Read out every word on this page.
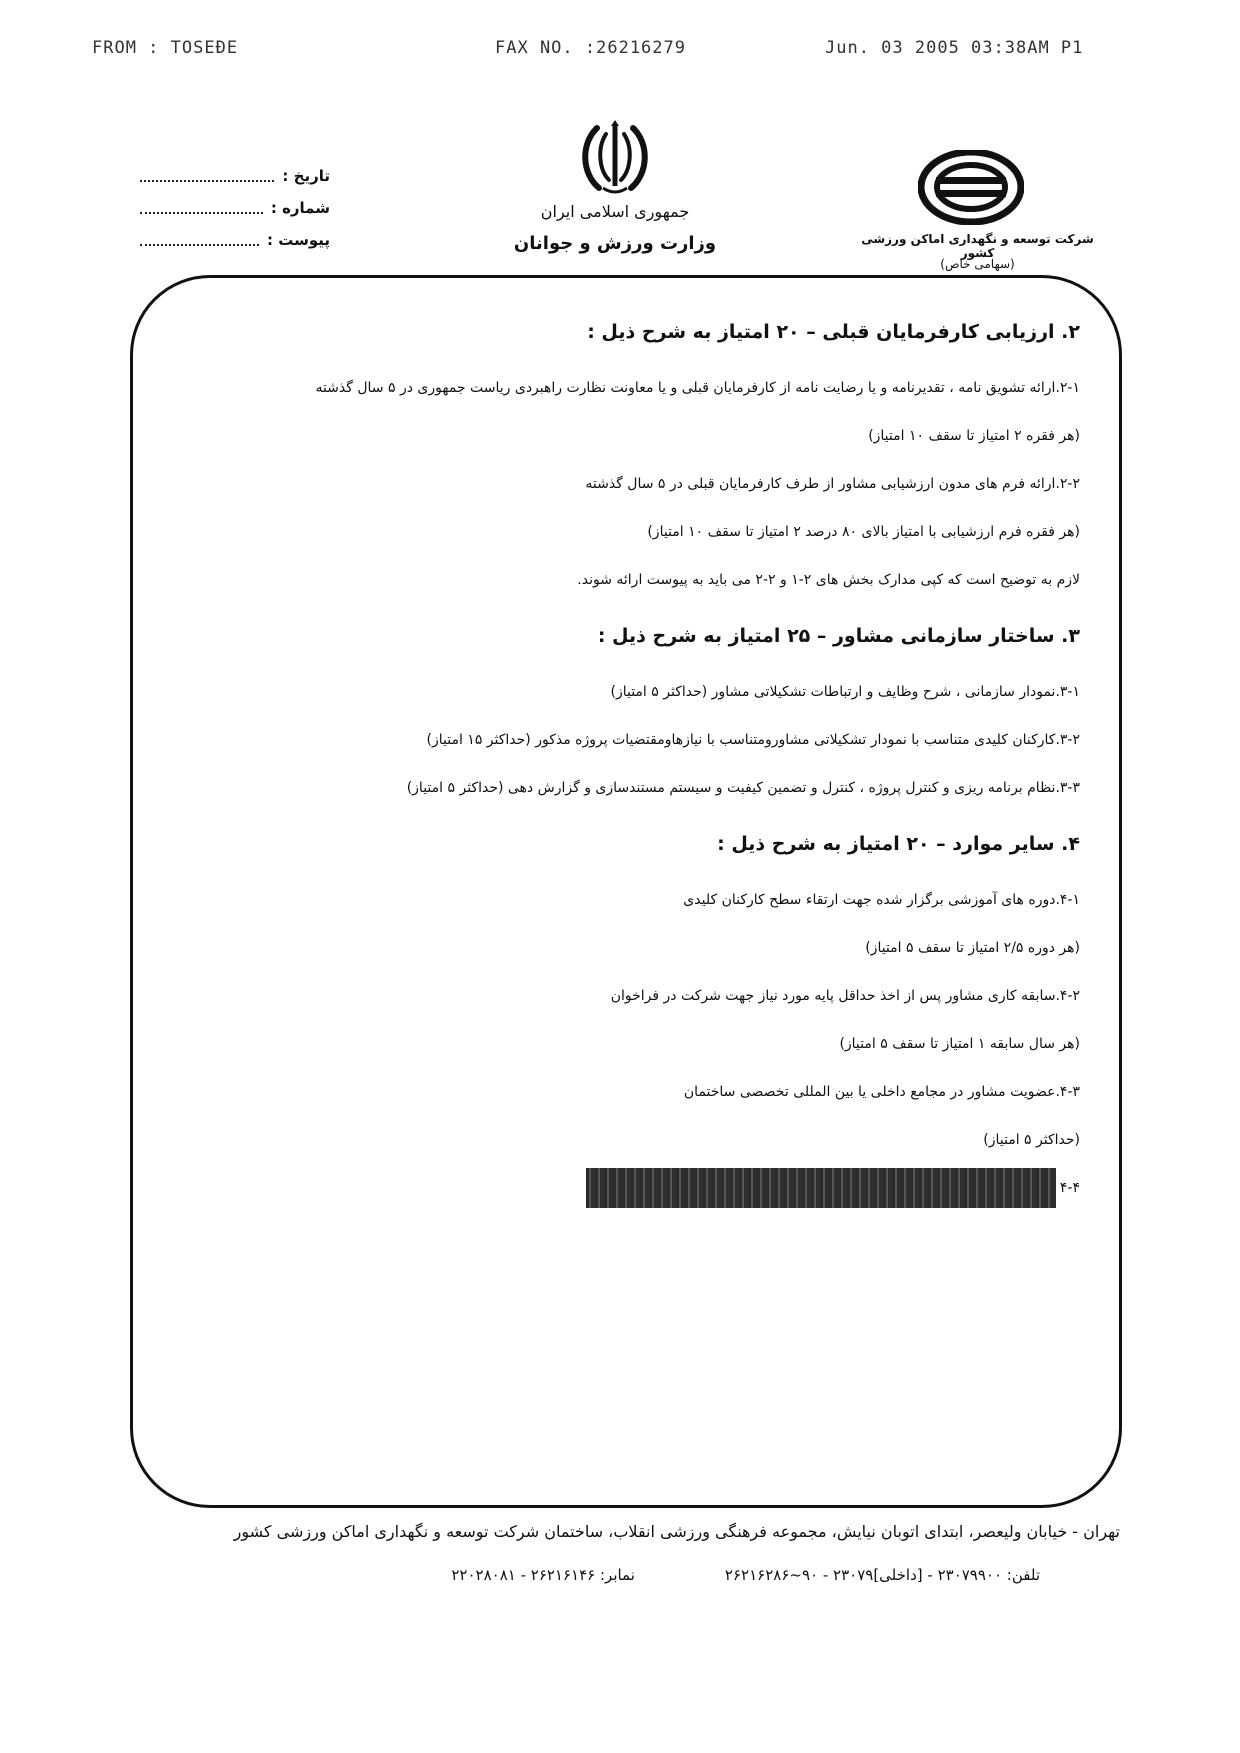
FROM : TOSEÐE	FAX NO. :26216279	Jun. 03 2005 03:38AM P1
تاریخ :
شماره :
پیوست :
جمهوری اسلامی ایران
وزارت ورزش و جوانان	شرکت توسعه و نگهداری اماکن ورزشی کشور
(سهامی خاص)
۲. ارزیابی کارفرمایان قبلی – ۲۰ امتیاز به شرح ذیل :
۲-۱.ارائه تشویق نامه ، تقدیرنامه و یا رضایت نامه از کارفرمایان قبلی و یا معاونت نظارت راهبردی ریاست جمهوری در ۵ سال گذشته
(هر فقره ۲ امتیاز تا سقف ۱۰ امتیاز)
۲-۲.ارائه فرم های مدون ارزشیابی مشاور از طرف کارفرمایان قبلی در ۵ سال گذشته
(هر فقره فرم ارزشیابی با امتیاز بالای ۸۰ درصد ۲ امتیاز تا سقف ۱۰ امتیاز)
لازم به توضیح است که کپی مدارک بخش های ۲-۱ و ۲-۲ می باید به پیوست ارائه شوند.
۳. ساختار سازمانی مشاور – ۲۵ امتیاز به شرح ذیل :
۳-۱.نمودار سازمانی ، شرح وظایف و ارتباطات تشکیلاتی مشاور (حداکثر ۵ امتیاز)
۳-۲.کارکنان کلیدی متناسب با نمودار تشکیلاتی مشاورومتناسب با نیازهاومقتضیات پروژه مذکور (حداکثر ۱۵ امتیاز)
۳-۳.نظام برنامه ریزی و کنترل پروژه ، کنترل و تضمین کیفیت و سیستم مستندسازی و گزارش دهی (حداکثر ۵ امتیاز)
۴. سایر موارد – ۲۰ امتیاز به شرح ذیل :
۴-۱.دوره های آموزشی برگزار شده جهت ارتقاء سطح کارکنان کلیدی
(هر دوره ۲/۵ امتیاز تا سقف ۵ امتیاز)
۴-۲.سابقه کاری مشاور پس از اخذ حداقل پایه مورد نیاز جهت شرکت در فراخوان
(هر سال سابقه ۱ امتیاز تا سقف ۵ امتیاز)
۴-۳.عضویت مشاور در مجامع داخلی یا بین المللی تخصصی ساختمان
(حداکثر ۵ امتیاز)
۴-۴
تهران - خیابان ولیعصر، ابتدای اتوبان نیایش، مجموعه فرهنگی ورزشی انقلاب، ساختمان شرکت توسعه و نگهداری اماکن ورزشی کشور
تلفن: ۲۳۰۷۹۹۰۰ - [داخلی]۲۳۰۷۹ - ۹۰~۲۶۲۱۶۲۸۶
نمابر: ۲۶۲۱۶۱۴۶ - ۲۲۰۲۸۰۸۱
